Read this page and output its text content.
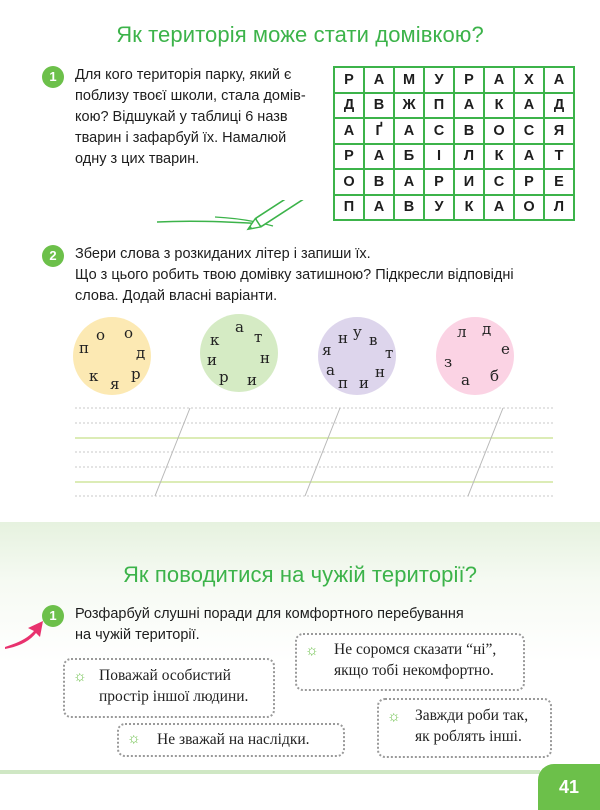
Як територія може стати домівкою?
1	Для кого територія парку, який є
поблизу твоєї школи, стала домів-
кою? Відшукай у таблиці 6 назв
тварин і зафарбуй їх. Намалюй
одну з цих тварин.
Р	А	М	У	Р	А	Х	А
Д	В	Ж	П	А	К	А	Д
А	Ґ	А	С	В	О	С	Я
Р	А	Б	І	Л	К	А	Т
О	В	А	Р	И	С	Р	Е
П	А	В	У	К	А	О	Л
2	Збери слова з розкиданих літер і запиши їх.
Що з цього робить твою домівку затишною? Підкресли відповідні
слова. Додай власні варіанти.
о
п
о
д
к р
я
а
к т
и	н
р и
у
н в
я	т
а
п
н
и
л д
е
з
а б
Як поводитися на чужій території?
1	Розфарбуй слушні поради для комфортного перебування
на чужій території.
☼ Поважай особистий
простір іншої людини.
☼ Не зважай на наслідки.
☼ Не соромся сказати “ні”,
якщо тобі некомфортно.
☼ Завжди роби так,
як роблять інші.
41
